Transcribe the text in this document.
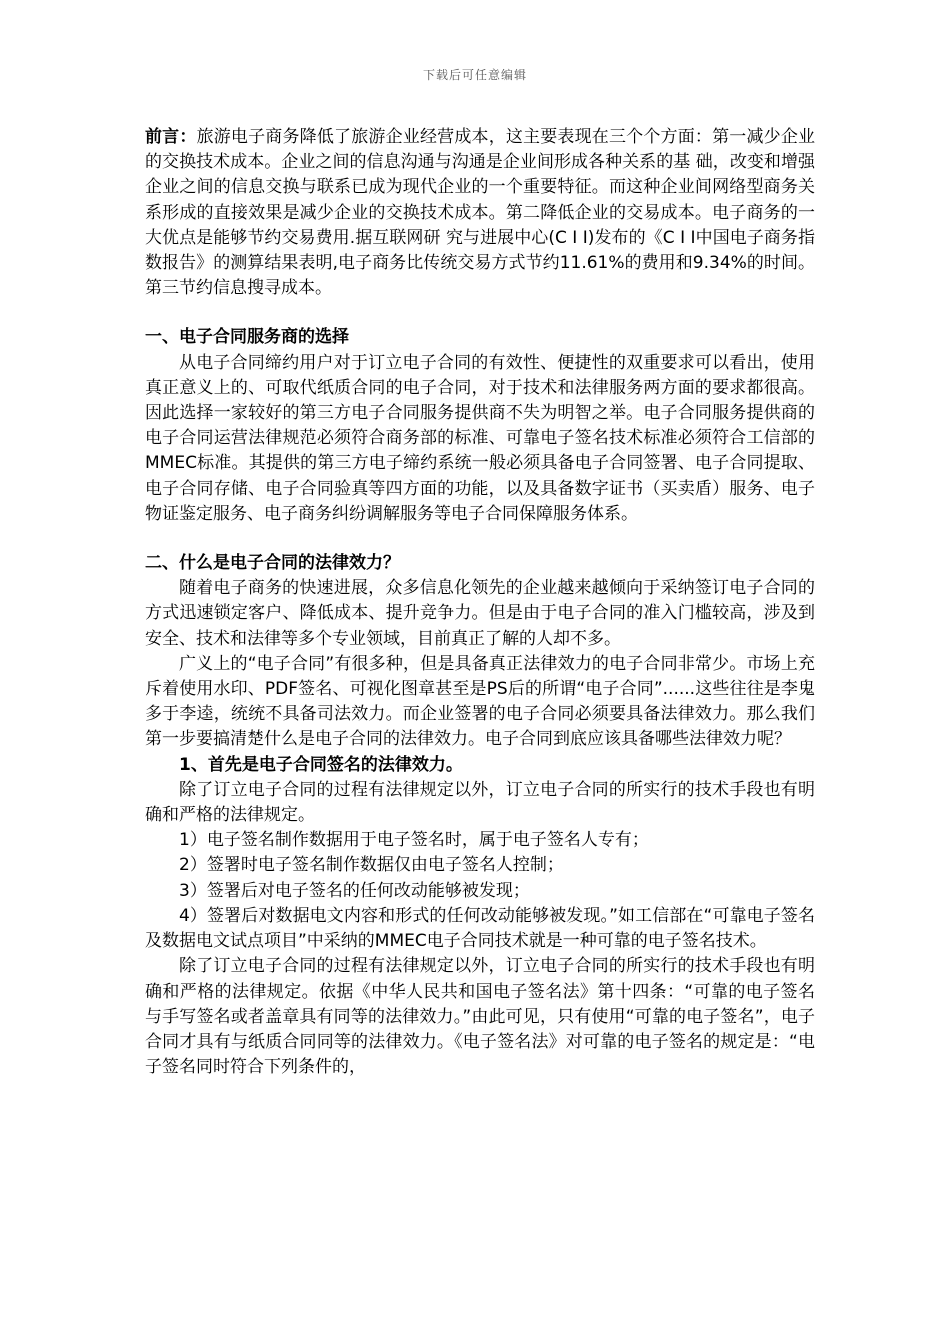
下载后可任意编辑

前言：旅游电子商务降低了旅游企业经营成本，这主要表现在三个个方面：第一减少企业的交换技术成本。企业之间的信息沟通与沟通是企业间形成各种关系的基 础，改变和增强企业之间的信息交换与联系已成为现代企业的一个重要特征。而这种企业间网络型商务关系形成的直接效果是减少企业的交换技术成本。第二降低企业的交易成本。电子商务的一大优点是能够节约交易费用.据互联网研 究与进展中心(C I I)发布的《C I I中国电子商务指数报告》的测算结果表明,电子商务比传统交易方式节约11.61%的费用和9.34%的时间。第三节约信息搜寻成本。

一、电子合同服务商的选择

从电子合同缔约用户对于订立电子合同的有效性、便捷性的双重要求可以看出，使用真正意义上的、可取代纸质合同的电子合同，对于技术和法律服务两方面的要求都很高。因此选择一家较好的第三方电子合同服务提供商不失为明智之举。电子合同服务提供商的电子合同运营法律规范必须符合商务部的标准、可靠电子签名技术标准必须符合工信部的MMEC标准。其提供的第三方电子缔约系统一般必须具备电子合同签署、电子合同提取、电子合同存储、电子合同验真等四方面的功能，以及具备数字证书（买卖盾）服务、电子物证鉴定服务、电子商务纠纷调解服务等电子合同保障服务体系。

二、什么是电子合同的法律效力？

随着电子商务的快速进展，众多信息化领先的企业越来越倾向于采纳签订电子合同的方式迅速锁定客户、降低成本、提升竞争力。但是由于电子合同的准入门槛较高，涉及到安全、技术和法律等多个专业领域，目前真正了解的人却不多。

广义上的“电子合同”有很多种，但是具备真正法律效力的电子合同非常少。市场上充斥着使用水印、PDF签名、可视化图章甚至是PS后的所谓“电子合同”......这些往往是李鬼多于李逵，统统不具备司法效力。而企业签署的电子合同必须要具备法律效力。那么我们第一步要搞清楚什么是电子合同的法律效力。电子合同到底应该具备哪些法律效力呢？

1、首先是电子合同签名的法律效力。

除了订立电子合同的过程有法律规定以外，订立电子合同的所实行的技术手段也有明确和严格的法律规定。

1）电子签名制作数据用于电子签名时，属于电子签名人专有；

2）签署时电子签名制作数据仅由电子签名人控制；

3）签署后对电子签名的任何改动能够被发现；

4）签署后对数据电文内容和形式的任何改动能够被发现。”如工信部在“可靠电子签名及数据电文试点项目”中采纳的MMEC电子合同技术就是一种可靠的电子签名技术。

除了订立电子合同的过程有法律规定以外，订立电子合同的所实行的技术手段也有明确和严格的法律规定。依据《中华人民共和国电子签名法》第十四条：“可靠的电子签名与手写签名或者盖章具有同等的法律效力。”由此可见，只有使用“可靠的电子签名”，电子合同才具有与纸质合同同等的法律效力。《电子签名法》对可靠的电子签名的规定是：“电子签名同时符合下列条件的，
